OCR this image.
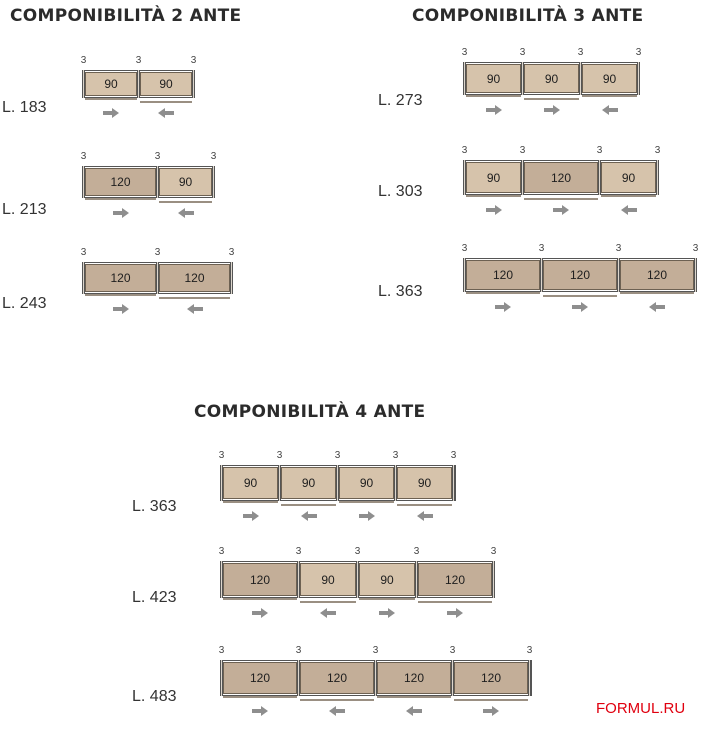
COMPONIBILITÀ 2 ANTE	COMPONIBILITÀ 3 ANTE
COMPONIBILITÀ 4 ANTE
L. 183
L. 213
L. 243
L. 273
L. 303
L. 363
L. 363
L. 423
L. 483
3	3	3
90	90
3	3	3
120	90
3	3	3
120	120
3	3	3	3
90	90	90
3	3	3	3
90	120	90
3	3	3	3
120	120	120
3	3	3	3	3
90	90	90	90
3	3	3	3	3
120	90	90	120
3	3	3	3	3
120	120	120	120
FORMUL.RU
